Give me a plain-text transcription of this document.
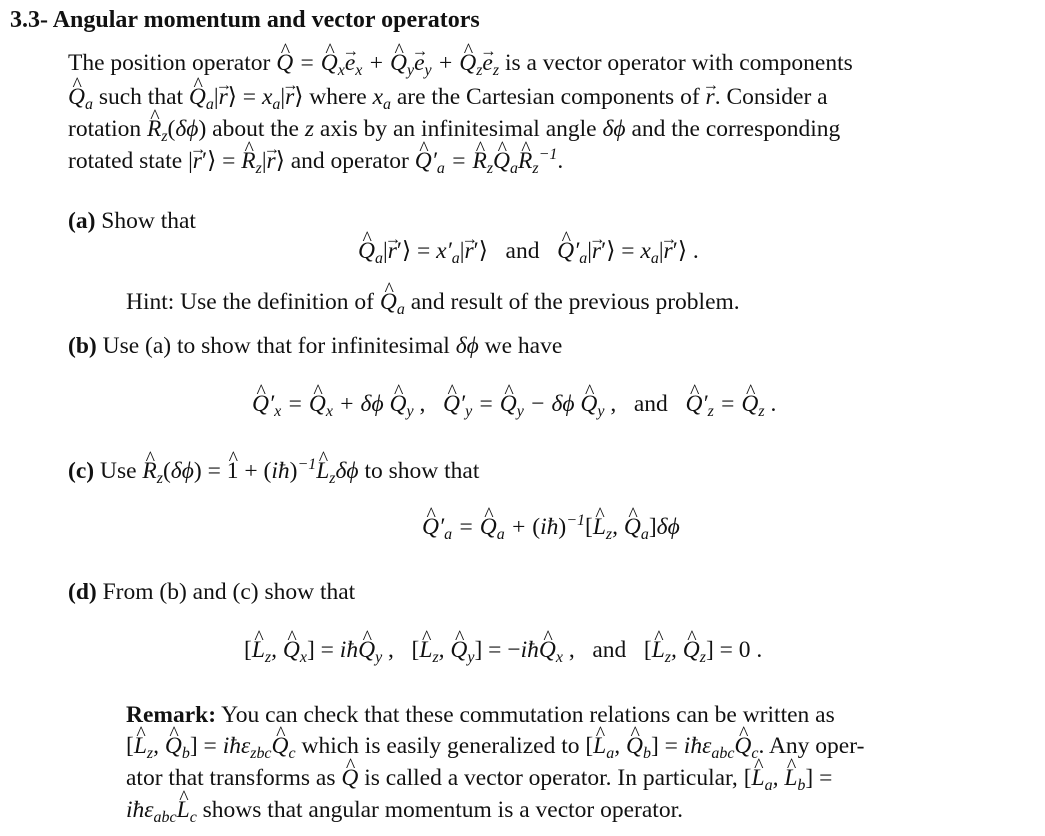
3.3- Angular momentum and vector operators
The position operator Q ^ = Q $\^{}_xe \to_x + Q$ $\^{}_ye \to_y + Q$ $\^{}_ze \to_z$ is a vector operator with components
Q $\^{}_a$ such that Q $\^{}_a|r$ →⟩ = $x_a|r$ →⟩ where $x_a$ are the Cartesian components of r →. Consider a
rotation R $\^{}_z(\delta\phi)$ about the z axis by an infinitesimal angle δϕ and the corresponding
rotated state |r →′⟩ = R $\^{}_z|r$ →⟩ and operator Q $\^{}'_a = R$ $\^{}_zQ$ $\^{}_aR$ $\^{}_z^{-1}$.
(a) Show that
Q $\^{}_a|r$ →′⟩ = $x'_a|r$ →′⟩ and Q $\^{}'_a|r$ →′⟩ = $x_a|r$ →′⟩ .
Hint: Use the definition of Q $\^{}_a$ and result of the previous problem.
(b) Use (a) to show that for infinitesimal δϕ we have
Q $\^{}'_x = Q$ $\^{}_x + \delta\phi$ Q $\^{}_y$ ,   Q $\^{}'_y = Q$ $\^{}_y - \delta\phi$ Q $\^{}_y$ ,   and Q $\^{}'_z = Q$ $\^{}_z$ .
(c) Use R $\^{}_z(\delta\phi) = 1$ ^ + (iħ)$^{-1}$L $\^{}_z\delta\phi$ to show that
Q $\^{}'_a = Q$ $\^{}_a$ + (iħ)$^{-1}$[L $\^{}_z$, Q $\^{}_a]\delta\phi$
(d) From (b) and (c) show that
[L $\^{}_z$, Q $\^{}_x$] = iħQ $\^{}_y$ ,   [L $\^{}_z$, Q $\^{}_y$] = −iħQ $\^{}_x$ ,   and [L $\^{}_z$, Q $\^{}_z] = 0$ .
Remark: You can check that these commutation relations can be written as
[L $\^{}_z$, Q $\^{}_b$] = iħε$_{zbc}$Q $\^{}_c$ which is easily generalized to [L $\^{}_a$, Q $\^{}_b$] = iħε$_{abc}$Q $\^{}_c$. Any oper-
ator that transforms as Q ^ is called a vector operator. In particular, [L $\^{}_a$, L $\^{}_b$] =
iħε$_{abc}$L $\^{}_c$ shows that angular momentum is a vector operator.
